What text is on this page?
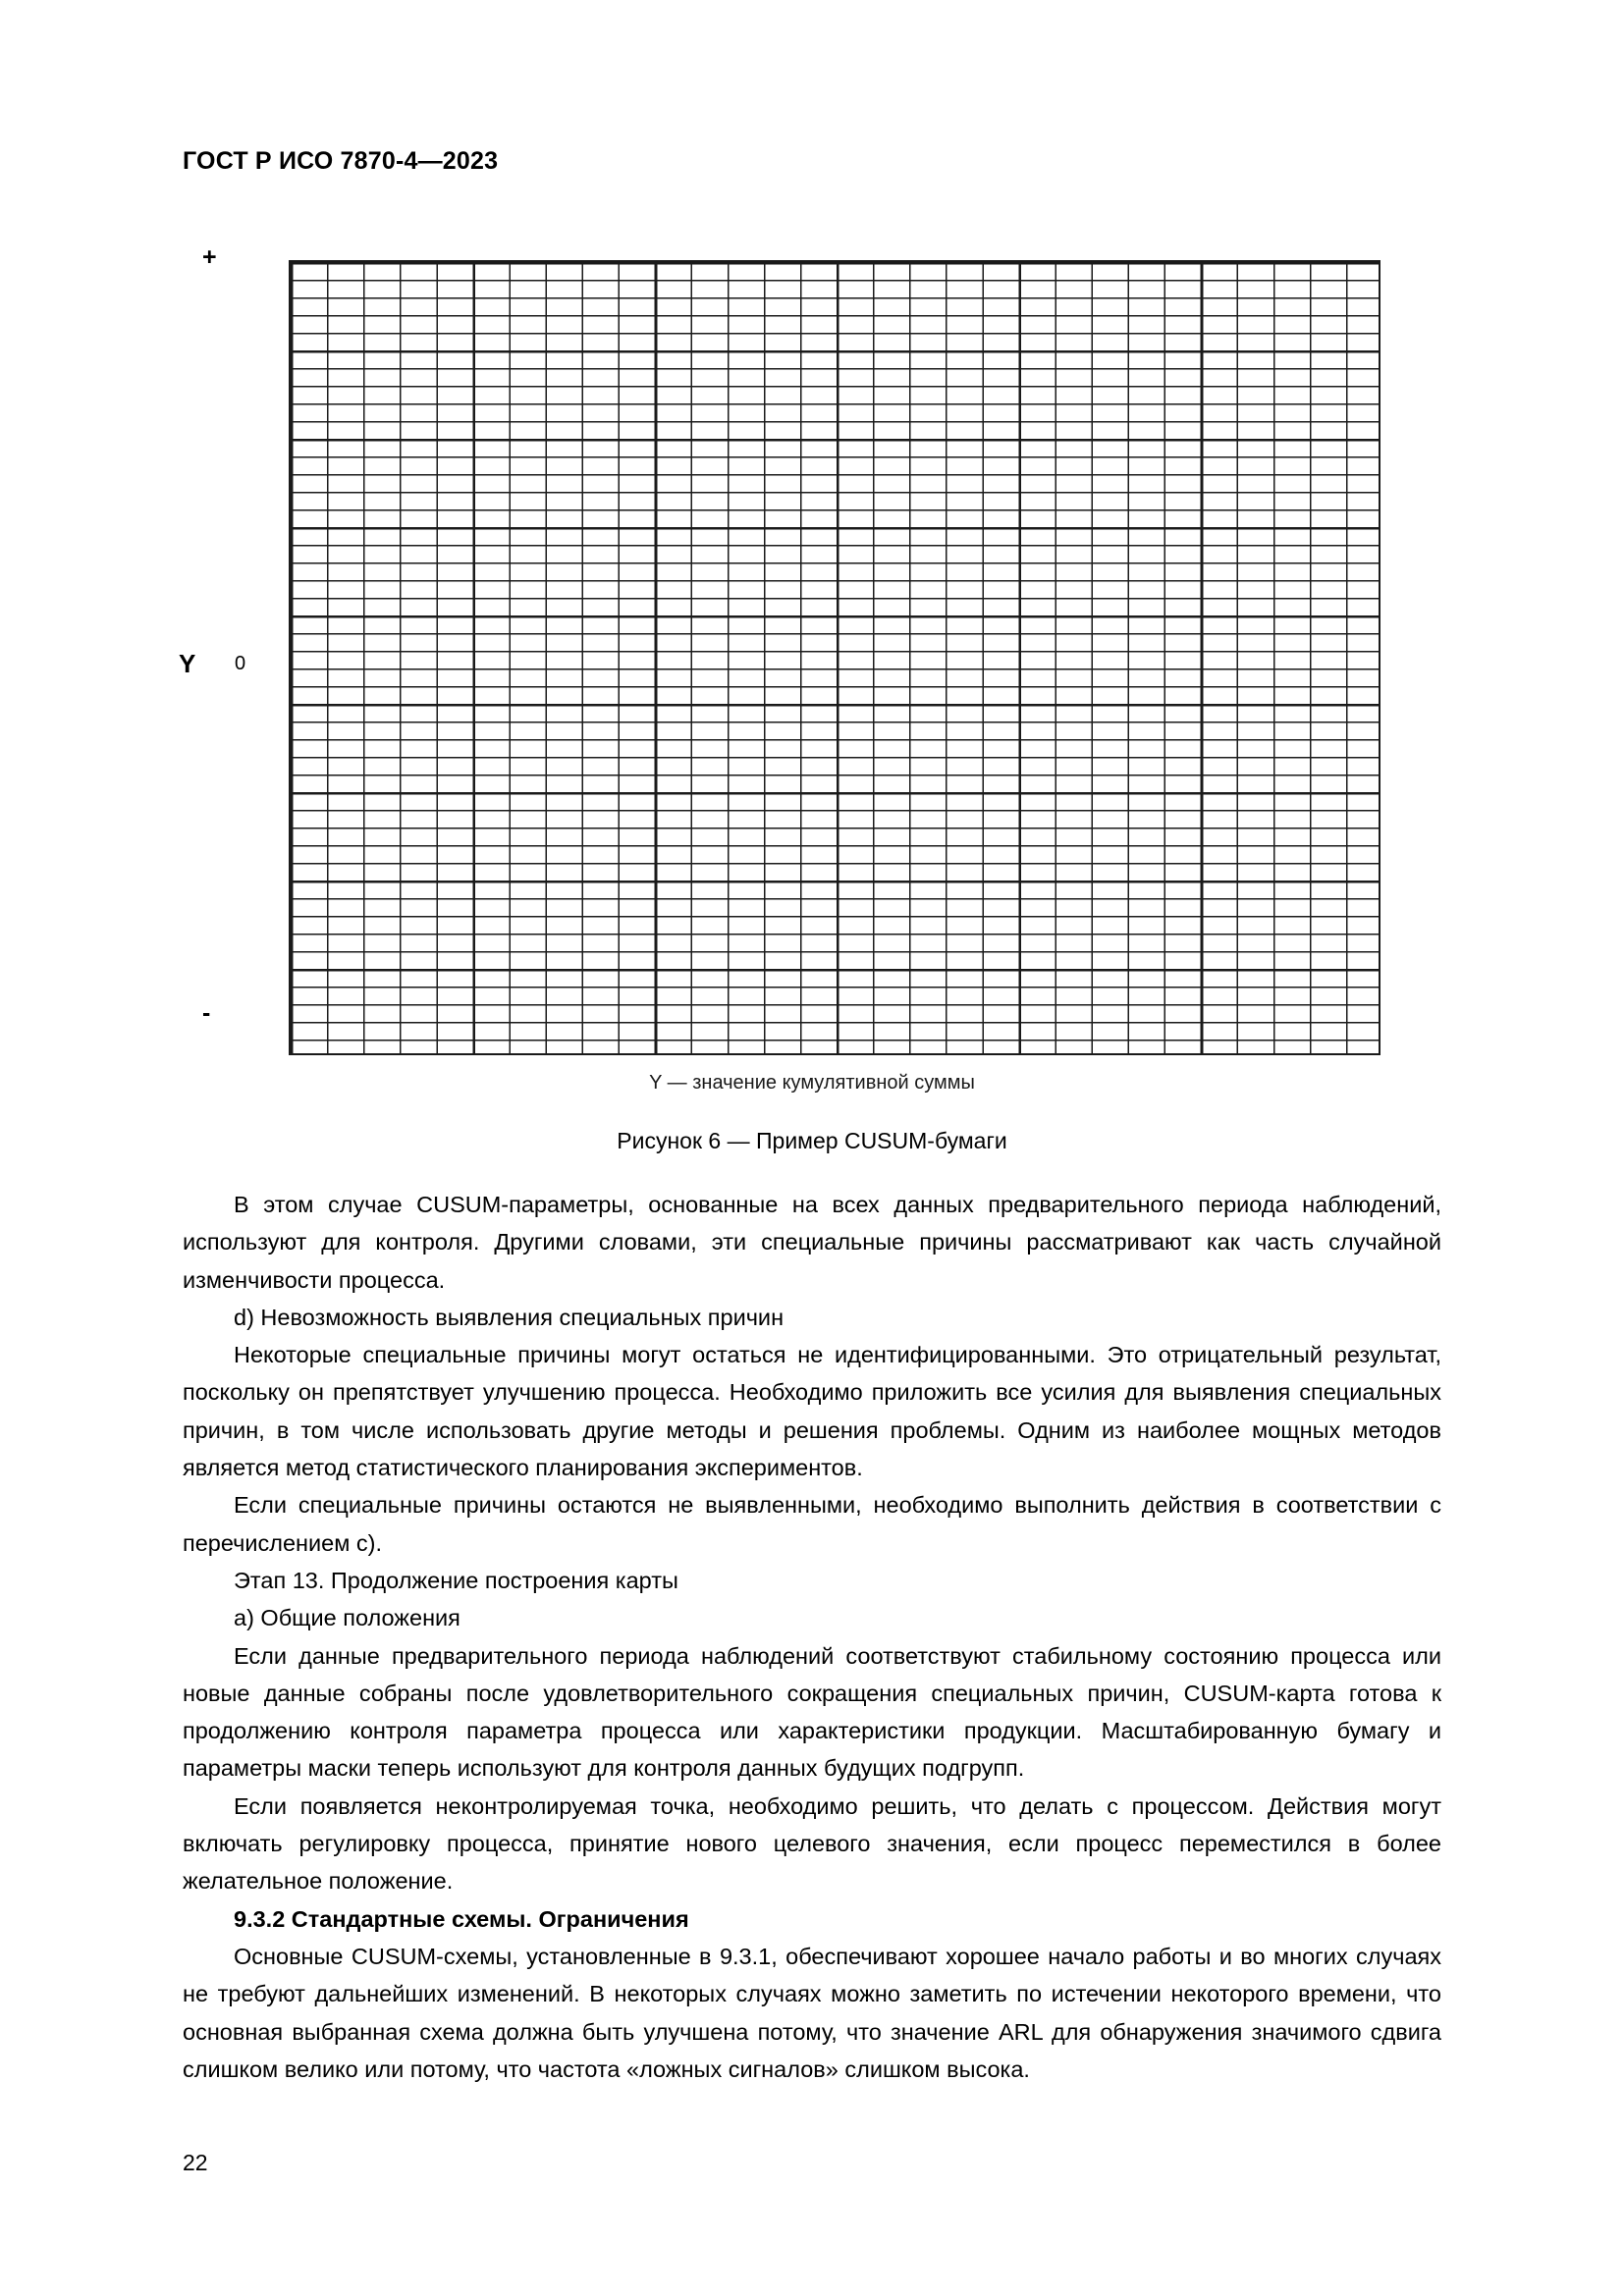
ГОСТ Р ИСО 7870-4—2023
+
Y 0
-
Y — значение кумулятивной суммы
Рисунок 6 — Пример CUSUM-бумаги

В этом случае CUSUM-параметры, основанные на всех данных предварительного периода наблюдений, используют для контроля. Другими словами, эти специальные причины рассматривают как часть случайной изменчивости процесса.

d) Невозможность выявления специальных причин

Некоторые специальные причины могут остаться не идентифицированными. Это отрицательный результат, поскольку он препятствует улучшению процесса. Необходимо приложить все усилия для выявления специальных причин, в том числе использовать другие методы и решения проблемы. Одним из наиболее мощных методов является метод статистического планирования экспериментов.

Если специальные причины остаются не выявленными, необходимо выполнить действия в соответствии с перечислением c).

Этап 13. Продолжение построения карты

a) Общие положения

Если данные предварительного периода наблюдений соответствуют стабильному состоянию процесса или новые данные собраны после удовлетворительного сокращения специальных причин, CUSUM-карта готова к продолжению контроля параметра процесса или характеристики продукции. Масштабированную бумагу и параметры маски теперь используют для контроля данных будущих подгрупп.

Если появляется неконтролируемая точка, необходимо решить, что делать с процессом. Действия могут включать регулировку процесса, принятие нового целевого значения, если процесс переместился в более желательное положение.

9.3.2 Стандартные схемы. Ограничения

Основные CUSUM-схемы, установленные в 9.3.1, обеспечивают хорошее начало работы и во многих случаях не требуют дальнейших изменений. В некоторых случаях можно заметить по истечении некоторого времени, что основная выбранная схема должна быть улучшена потому, что значение ARL для обнаружения значимого сдвига слишком велико или потому, что частота «ложных сигналов» слишком высока.

22
